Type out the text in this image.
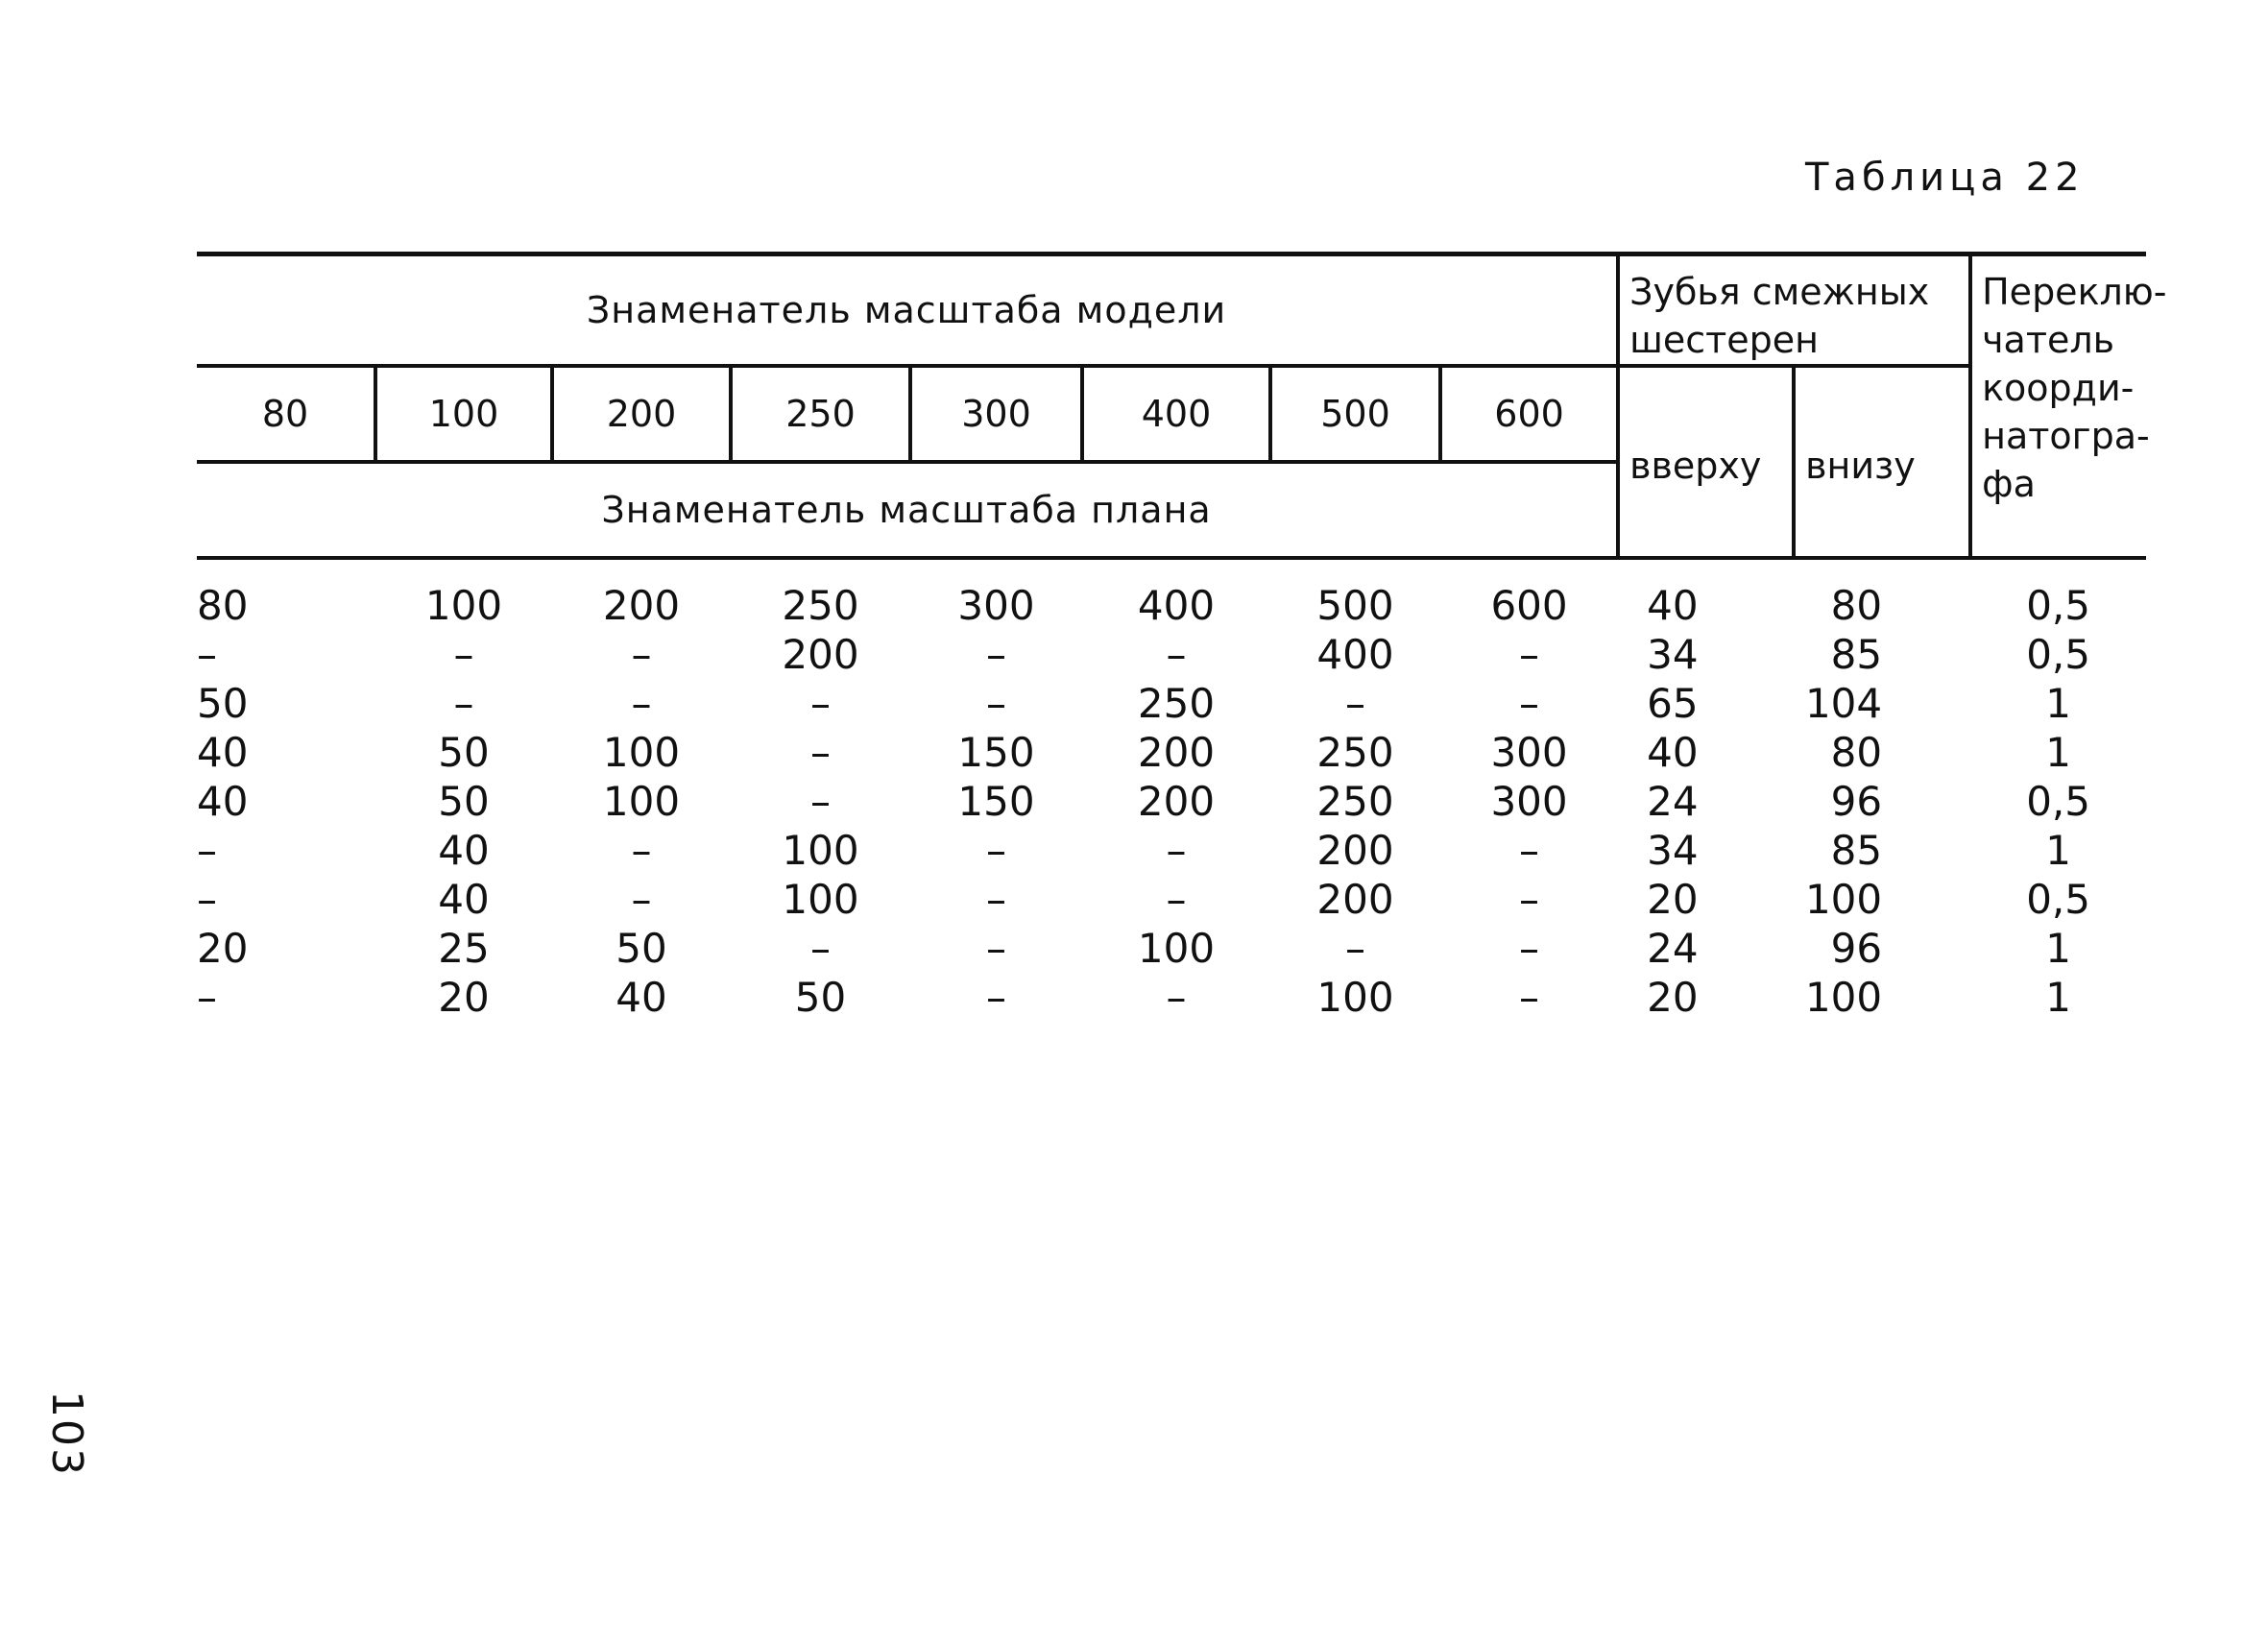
Таблица 22
Знаменатель масштаба модели								Зубья смежных шестерен		Переклю- чатель коорди- натогра- фа
80	100	200	250	300	400	500	600	вверху	внизу	
Знаменатель масштаба плана										
80	100	200	250	300	400	500	600	40	80	0,5
–	–	–	200	–	–	400	–	34	85	0,5
50	–	–	–	–	250	–	–	65	104	1
40	50	100	–	150	200	250	300	40	80	1
40	50	100	–	150	200	250	300	24	96	0,5
–	40	–	100	–	–	200	–	34	85	1
–	40	–	100	–	–	200	–	20	100	0,5
20	25	50	–	–	100	–	–	24	96	1
–	20	40	50	–	–	100	–	20	100	1
103
